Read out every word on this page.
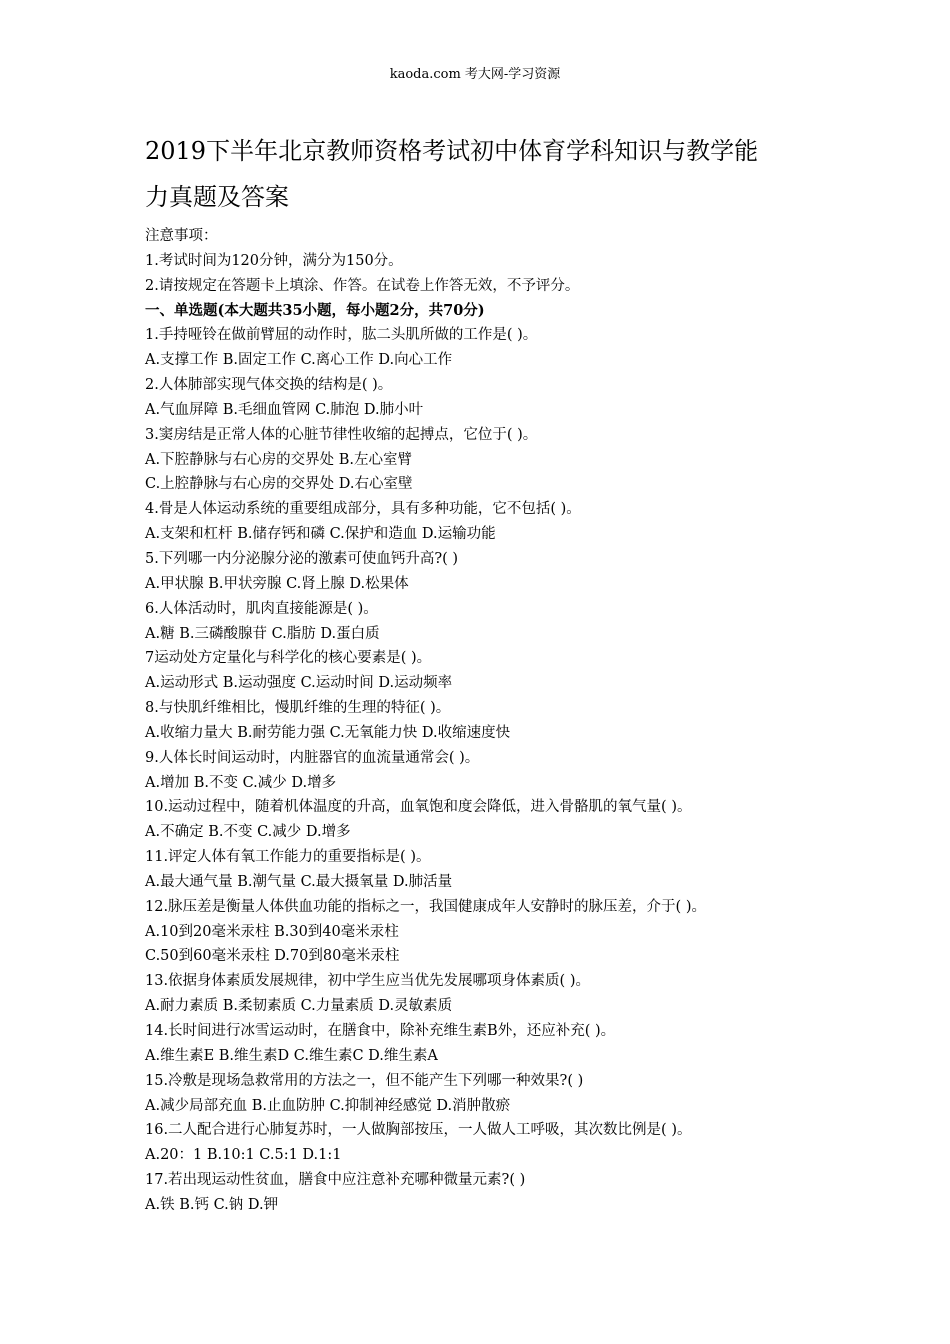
kaoda.com 考大网-学习资源
2019下半年北京教师资格考试初中体育学科知识与教学能
力真题及答案
注意事项：
1.考试时间为120分钟，满分为150分。
2.请按规定在答题卡上填涂、作答。在试卷上作答无效，不予评分。
一、单选题(本大题共35小题，每小题2分，共70分)
1.手持哑铃在做前臂屈的动作时，肱二头肌所做的工作是( )。
A.支撑工作 B.固定工作 C.离心工作 D.向心工作
2.人体肺部实现气体交换的结构是( )。
A.气血屏障 B.毛细血管网 C.肺泡 D.肺小叶
3.窦房结是正常人体的心脏节律性收缩的起搏点，它位于( )。
A.下腔静脉与右心房的交界处 B.左心室臂
C.上腔静脉与右心房的交界处 D.右心室壁
4.骨是人体运动系统的重要组成部分，具有多种功能，它不包括( )。
A.支架和杠杆 B.储存钙和磷 C.保护和造血 D.运输功能
5.下列哪一内分泌腺分泌的激素可使血钙升高?( )
A.甲状腺 B.甲状旁腺 C.肾上腺 D.松果体
6.人体活动时，肌肉直接能源是( )。
A.糖 B.三磷酸腺苷 C.脂肪 D.蛋白质
7运动处方定量化与科学化的核心要素是( )。
A.运动形式 B.运动强度 C.运动时间 D.运动频率
8.与快肌纤维相比，慢肌纤维的生理的特征( )。
A.收缩力量大 B.耐劳能力强 C.无氧能力快 D.收缩速度快
9.人体长时间运动时，内脏器官的血流量通常会( )。
A.增加 B.不变 C.减少 D.增多
10.运动过程中，随着机体温度的升高，血氧饱和度会降低，进入骨骼肌的氧气量( )。
A.不确定 B.不变 C.减少 D.增多
11.评定人体有氧工作能力的重要指标是( )。
A.最大通气量 B.潮气量 C.最大摄氧量 D.肺活量
12.脉压差是衡量人体供血功能的指标之一，我国健康成年人安静时的脉压差，介于( )。
A.10到20毫米汞柱 B.30到40毫米汞柱
C.50到60毫米汞柱 D.70到80毫米汞柱
13.依据身体素质发展规律，初中学生应当优先发展哪项身体素质( )。
A.耐力素质 B.柔韧素质 C.力量素质 D.灵敏素质
14.长时间进行冰雪运动时，在膳食中，除补充维生素B外，还应补充( )。
A.维生素E B.维生素D C.维生素C D.维生素A
15.冷敷是现场急救常用的方法之一，但不能产生下列哪一种效果?( )
A.减少局部充血 B.止血防肿 C.抑制神经感觉 D.消肿散瘀
16.二人配合进行心肺复苏时，一人做胸部按压，一人做人工呼吸，其次数比例是( )。
A.20：1 B.10:1 C.5:1 D.1:1
17.若出现运动性贫血，膳食中应注意补充哪种微量元素?( )
A.铁 B.钙 C.钠 D.钾
